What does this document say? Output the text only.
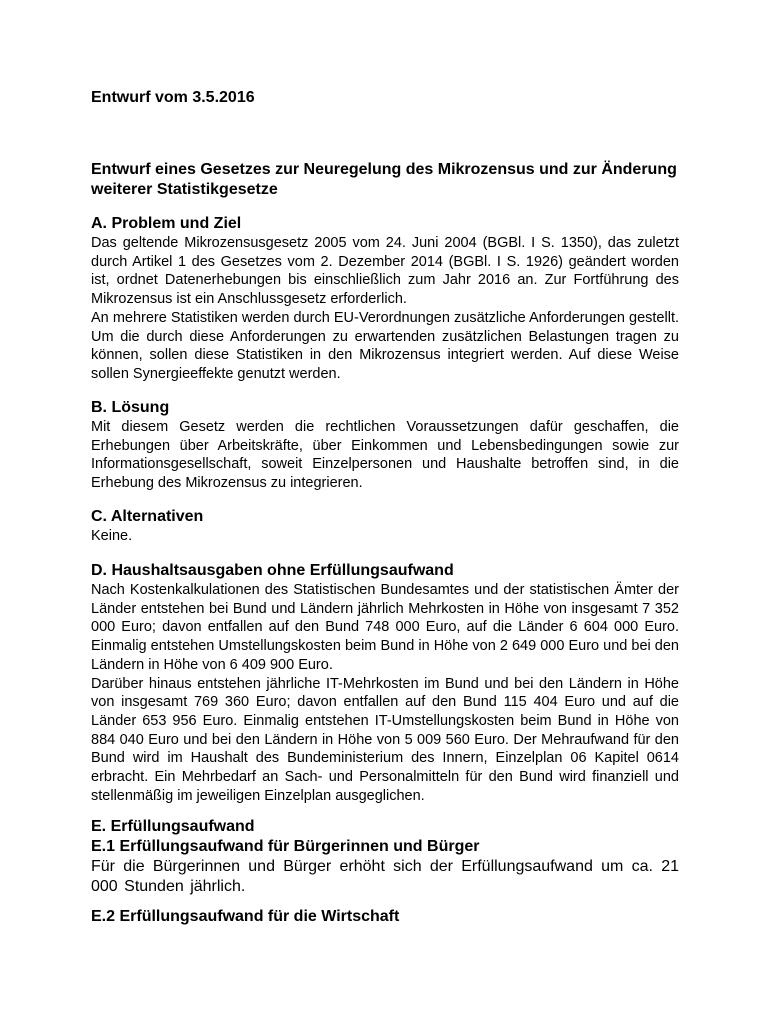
Entwurf vom 3.5.2016
Entwurf eines Gesetzes zur Neuregelung des Mikrozensus und zur Änderung weiterer Statistikgesetze
A. Problem und Ziel

Das geltende Mikrozensusgesetz 2005 vom 24. Juni 2004 (BGBl. I S. 1350), das zuletzt durch Artikel 1 des Gesetzes vom 2. Dezember 2014 (BGBl. I S. 1926) geändert worden ist, ordnet Datenerhebungen bis einschließlich zum Jahr 2016 an. Zur Fortführung des Mikrozensus ist ein Anschlussgesetz erforderlich.

An mehrere Statistiken werden durch EU-Verordnungen zusätzliche Anforderungen gestellt. Um die durch diese Anforderungen zu erwartenden zusätzlichen Belastungen tragen zu können, sollen diese Statistiken in den Mikrozensus integriert werden. Auf diese Weise sollen Synergieeffekte genutzt werden.

B. Lösung

Mit diesem Gesetz werden die rechtlichen Voraussetzungen dafür geschaffen, die Erhebungen über Arbeitskräfte, über Einkommen und Lebensbedingungen sowie zur Informationsgesellschaft, soweit Einzelpersonen und Haushalte betroffen sind, in die Erhebung des Mikrozensus zu integrieren.

C. Alternativen

Keine.

D. Haushaltsausgaben ohne Erfüllungsaufwand

Nach Kostenkalkulationen des Statistischen Bundesamtes und der statistischen Ämter der Länder entstehen bei Bund und Ländern jährlich Mehrkosten in Höhe von insgesamt 7 352 000 Euro; davon entfallen auf den Bund 748 000 Euro, auf die Länder 6 604 000 Euro. Einmalig entstehen Umstellungskosten beim Bund in Höhe von 2 649 000 Euro und bei den Ländern in Höhe von 6 409 900 Euro.

Darüber hinaus entstehen jährliche IT-Mehrkosten im Bund und bei den Ländern in Höhe von insgesamt 769 360 Euro; davon entfallen auf den Bund 115 404 Euro und auf die Länder 653 956 Euro. Einmalig entstehen IT-Umstellungskosten beim Bund in Höhe von 884 040 Euro und bei den Ländern in Höhe von 5 009 560 Euro. Der Mehraufwand für den Bund wird im Haushalt des Bundeministerium des Innern, Einzelplan 06 Kapitel 0614 erbracht. Ein Mehrbedarf an Sach- und Personalmitteln für den Bund wird finanziell und stellenmäßig im jeweiligen Einzelplan ausgeglichen.

E. Erfüllungsaufwand
E.1 Erfüllungsaufwand für Bürgerinnen und Bürger

Für die Bürgerinnen und Bürger erhöht sich der Erfüllungsaufwand um ca. 21 000 Stunden jährlich.

E.2 Erfüllungsaufwand für die Wirtschaft
